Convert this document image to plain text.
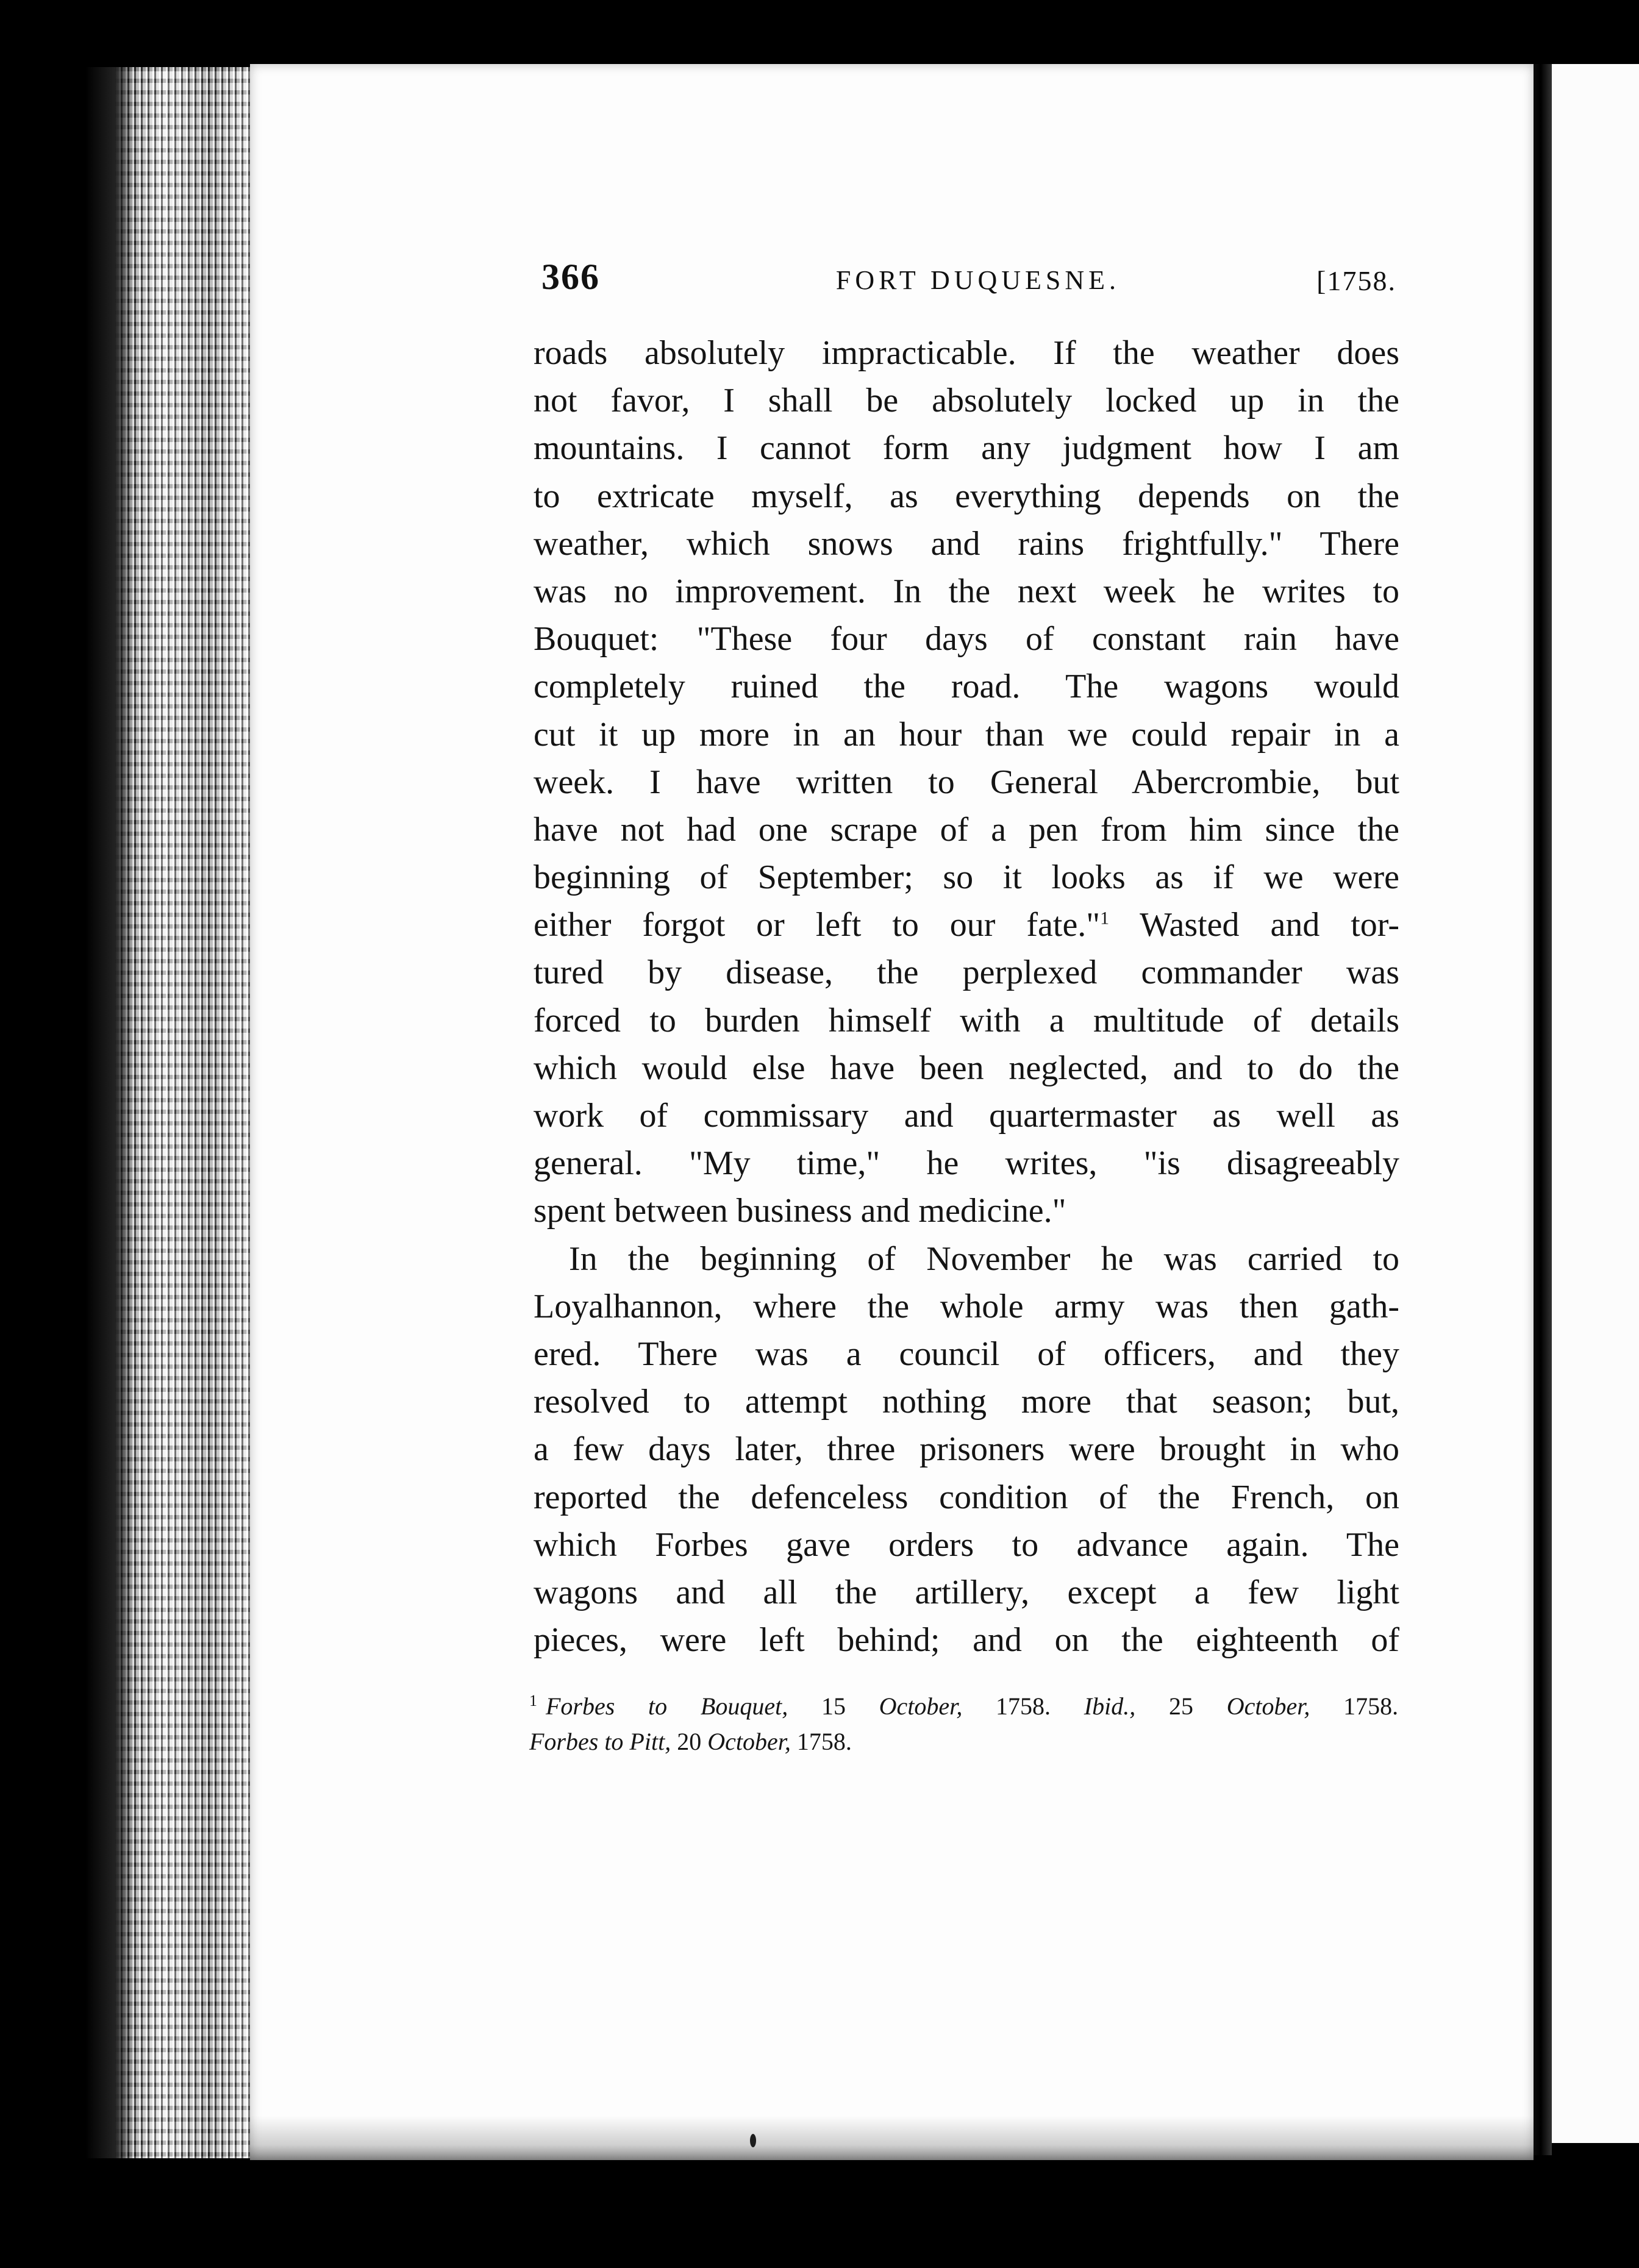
366	FORT DUQUESNE.	[1758.
roads absolutely impracticable. If the weather does
not favor, I shall be absolutely locked up in the
mountains. I cannot form any judgment how I am
to extricate myself, as everything depends on the
weather, which snows and rains frightfully." There
was no improvement. In the next week he writes to
Bouquet: "These four days of constant rain have
completely ruined the road. The wagons would
cut it up more in an hour than we could repair in a
week. I have written to General Abercrombie, but
have not had one scrape of a pen from him since the
beginning of September; so it looks as if we were
either forgot or left to our fate."$^1$ Wasted and tor-
tured by disease, the perplexed commander was
forced to burden himself with a multitude of details
which would else have been neglected, and to do the
work of commissary and quartermaster as well as
general. "My time," he writes, "is disagreeably
spent between business and medicine."
In the beginning of November he was carried to
Loyalhannon, where the whole army was then gath-
ered. There was a council of officers, and they
resolved to attempt nothing more that season; but,
a few days later, three prisoners were brought in who
reported the defenceless condition of the French, on
which Forbes gave orders to advance again. The
wagons and all the artillery, except a few light
pieces, were left behind; and on the eighteenth of
$^1$ Forbes to Bouquet, 15 October, 1758. Ibid., 25 October, 1758.
Forbes to Pitt, 20 October, 1758.
